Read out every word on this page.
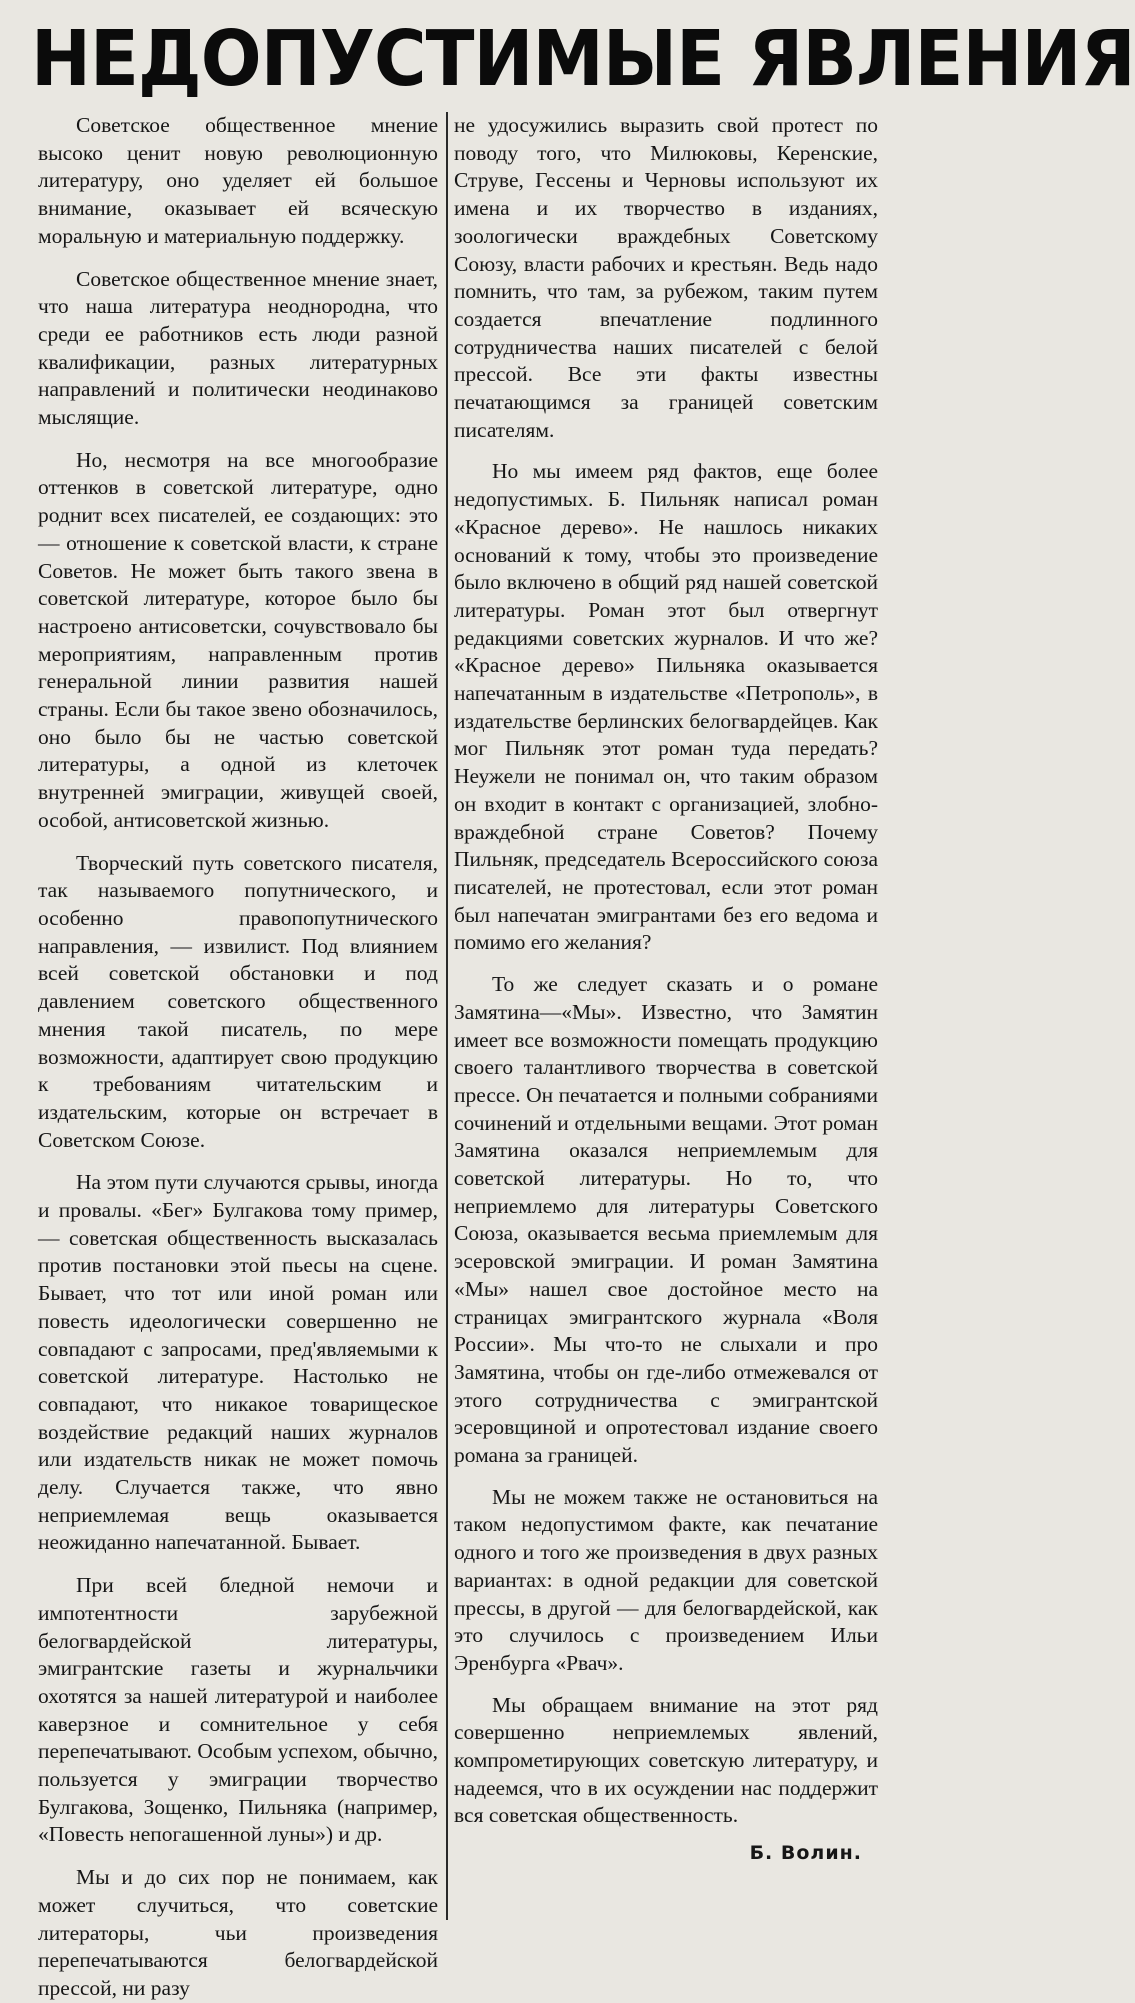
НЕДОПУСТИМЫЕ ЯВЛЕНИЯ

Советское общественное мнение высоко ценит новую революционную литературу, оно уделяет ей большое внимание, оказывает ей всяческую моральную и материальную поддержку.

Советское общественное мнение знает, что наша литература неоднородна, что среди ее работников есть люди разной квалификации, разных литературных направлений и политически неодинаково мыслящие.

Но, несмотря на все многообразие оттенков в советской литературе, одно роднит всех писателей, ее создающих: это — отношение к советской власти, к стране Советов. Не может быть такого звена в советской литературе, которое было бы настроено антисоветски, сочувствовало бы мероприятиям, направленным против генеральной линии развития нашей страны. Если бы такое звено обозначилось, оно было бы не частью советской литературы, а одной из клеточек внутренней эмиграции, живущей своей, особой, антисоветской жизнью.

Творческий путь советского писателя, так называемого попутнического, и особенно правопопутнического направления, — извилист. Под влиянием всей советской обстановки и под давлением советского общественного мнения такой писатель, по мере возможности, адаптирует свою продукцию к требованиям читательским и издательским, которые он встречает в Советском Союзе.

На этом пути случаются срывы, иногда и провалы. «Бег» Булгакова тому пример, — советская общественность высказалась против постановки этой пьесы на сцене. Бывает, что тот или иной роман или повесть идеологически совершенно не совпадают с запросами, пред'являемыми к советской литературе. Настолько не совпадают, что никакое товарищеское воздействие редакций наших журналов или издательств никак не может помочь делу. Случается также, что явно неприемлемая вещь оказывается неожиданно напечатанной. Бывает.

При всей бледной немочи и импотентности зарубежной белогвардейской литературы, эмигрантские газеты и журнальчики охотятся за нашей литературой и наиболее каверзное и сомнительное у себя перепечатывают. Особым успехом, обычно, пользуется у эмиграции творчество Булгакова, Зощенко, Пильняка (например, «Повесть непогашенной луны») и др.

Мы и до сих пор не понимаем, как может случиться, что советские литераторы, чьи произведения перепечатываются белогвардейской прессой, ни разу

не удосужились выразить свой протест по поводу того, что Милюковы, Керенские, Струве, Гессены и Черновы используют их имена и их творчество в изданиях, зоологически враждебных Советскому Союзу, власти рабочих и крестьян. Ведь надо помнить, что там, за рубежом, таким путем создается впечатление подлинного сотрудничества наших писателей с белой прессой. Все эти факты известны печатающимся за границей советским писателям.

Но мы имеем ряд фактов, еще более недопустимых. Б. Пильняк написал роман «Красное дерево». Не нашлось никаких оснований к тому, чтобы это произведение было включено в общий ряд нашей советской литературы. Роман этот был отвергнут редакциями советских журналов. И что же? «Красное дерево» Пильняка оказывается напечатанным в издательстве «Петрополь», в издательстве берлинских белогвардейцев. Как мог Пильняк этот роман туда передать? Неужели не понимал он, что таким образом он входит в контакт с организацией, злобно-враждебной стране Советов? Почему Пильняк, председатель Всероссийского союза писателей, не протестовал, если этот роман был напечатан эмигрантами без его ведома и помимо его желания?

То же следует сказать и о романе Замятина—«Мы». Известно, что Замятин имеет все возможности помещать продукцию своего талантливого творчества в советской прессе. Он печатается и полными собраниями сочинений и отдельными вещами. Этот роман Замятина оказался неприемлемым для советской литературы. Но то, что неприемлемо для литературы Советского Союза, оказывается весьма приемлемым для эсеровской эмиграции. И роман Замятина «Мы» нашел свое достойное место на страницах эмигрантского журнала «Воля России». Мы что-то не слыхали и про Замятина, чтобы он где-либо отмежевался от этого сотрудничества с эмигрантской эсеровщиной и опротестовал издание своего романа за границей.

Мы не можем также не остановиться на таком недопустимом факте, как печатание одного и того же произведения в двух разных вариантах: в одной редакции для советской прессы, в другой — для белогвардейской, как это случилось с произведением Ильи Эренбурга «Рвач».

Мы обращаем внимание на этот ряд совершенно неприемлемых явлений, компрометирующих советскую литературу, и надеемся, что в их осуждении нас поддержит вся советская общественность.

Б. Волин.
